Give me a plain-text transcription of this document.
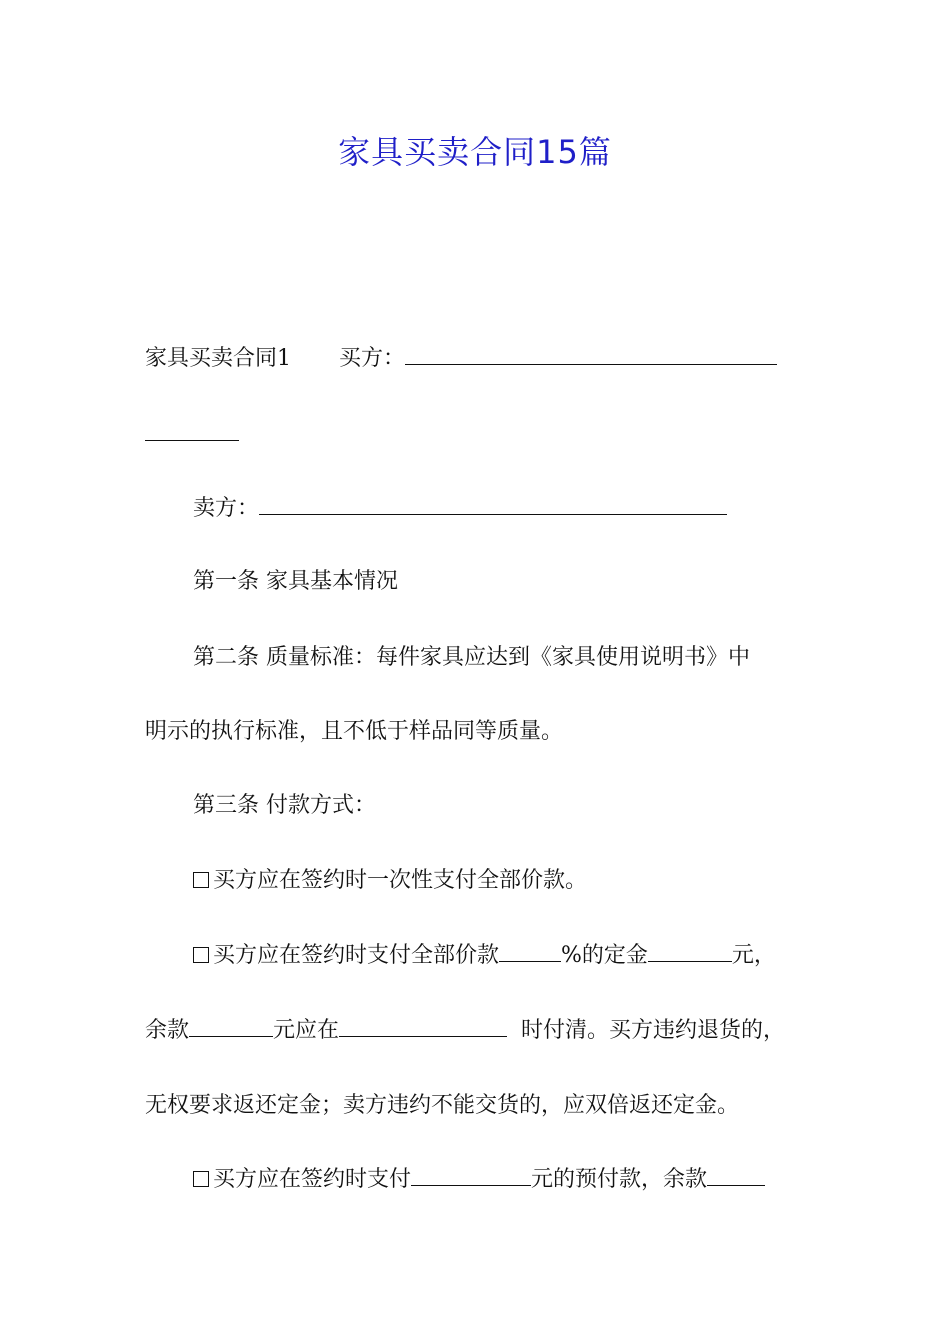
家具买卖合同15篇
家具买卖合同1 买方：
卖方：
第一条 家具基本情况
第二条 质量标准：每件家具应达到《家具使用说明书》中
明示的执行标准，且不低于样品同等质量。
第三条 付款方式：
买方应在签约时一次性支付全部价款。
买方应在签约时支付全部价款	%的定金	元，
余款	元应在	时付清。买方违约退货的，
无权要求返还定金；卖方违约不能交货的，应双倍返还定金。
买方应在签约时支付	元的预付款，余款
